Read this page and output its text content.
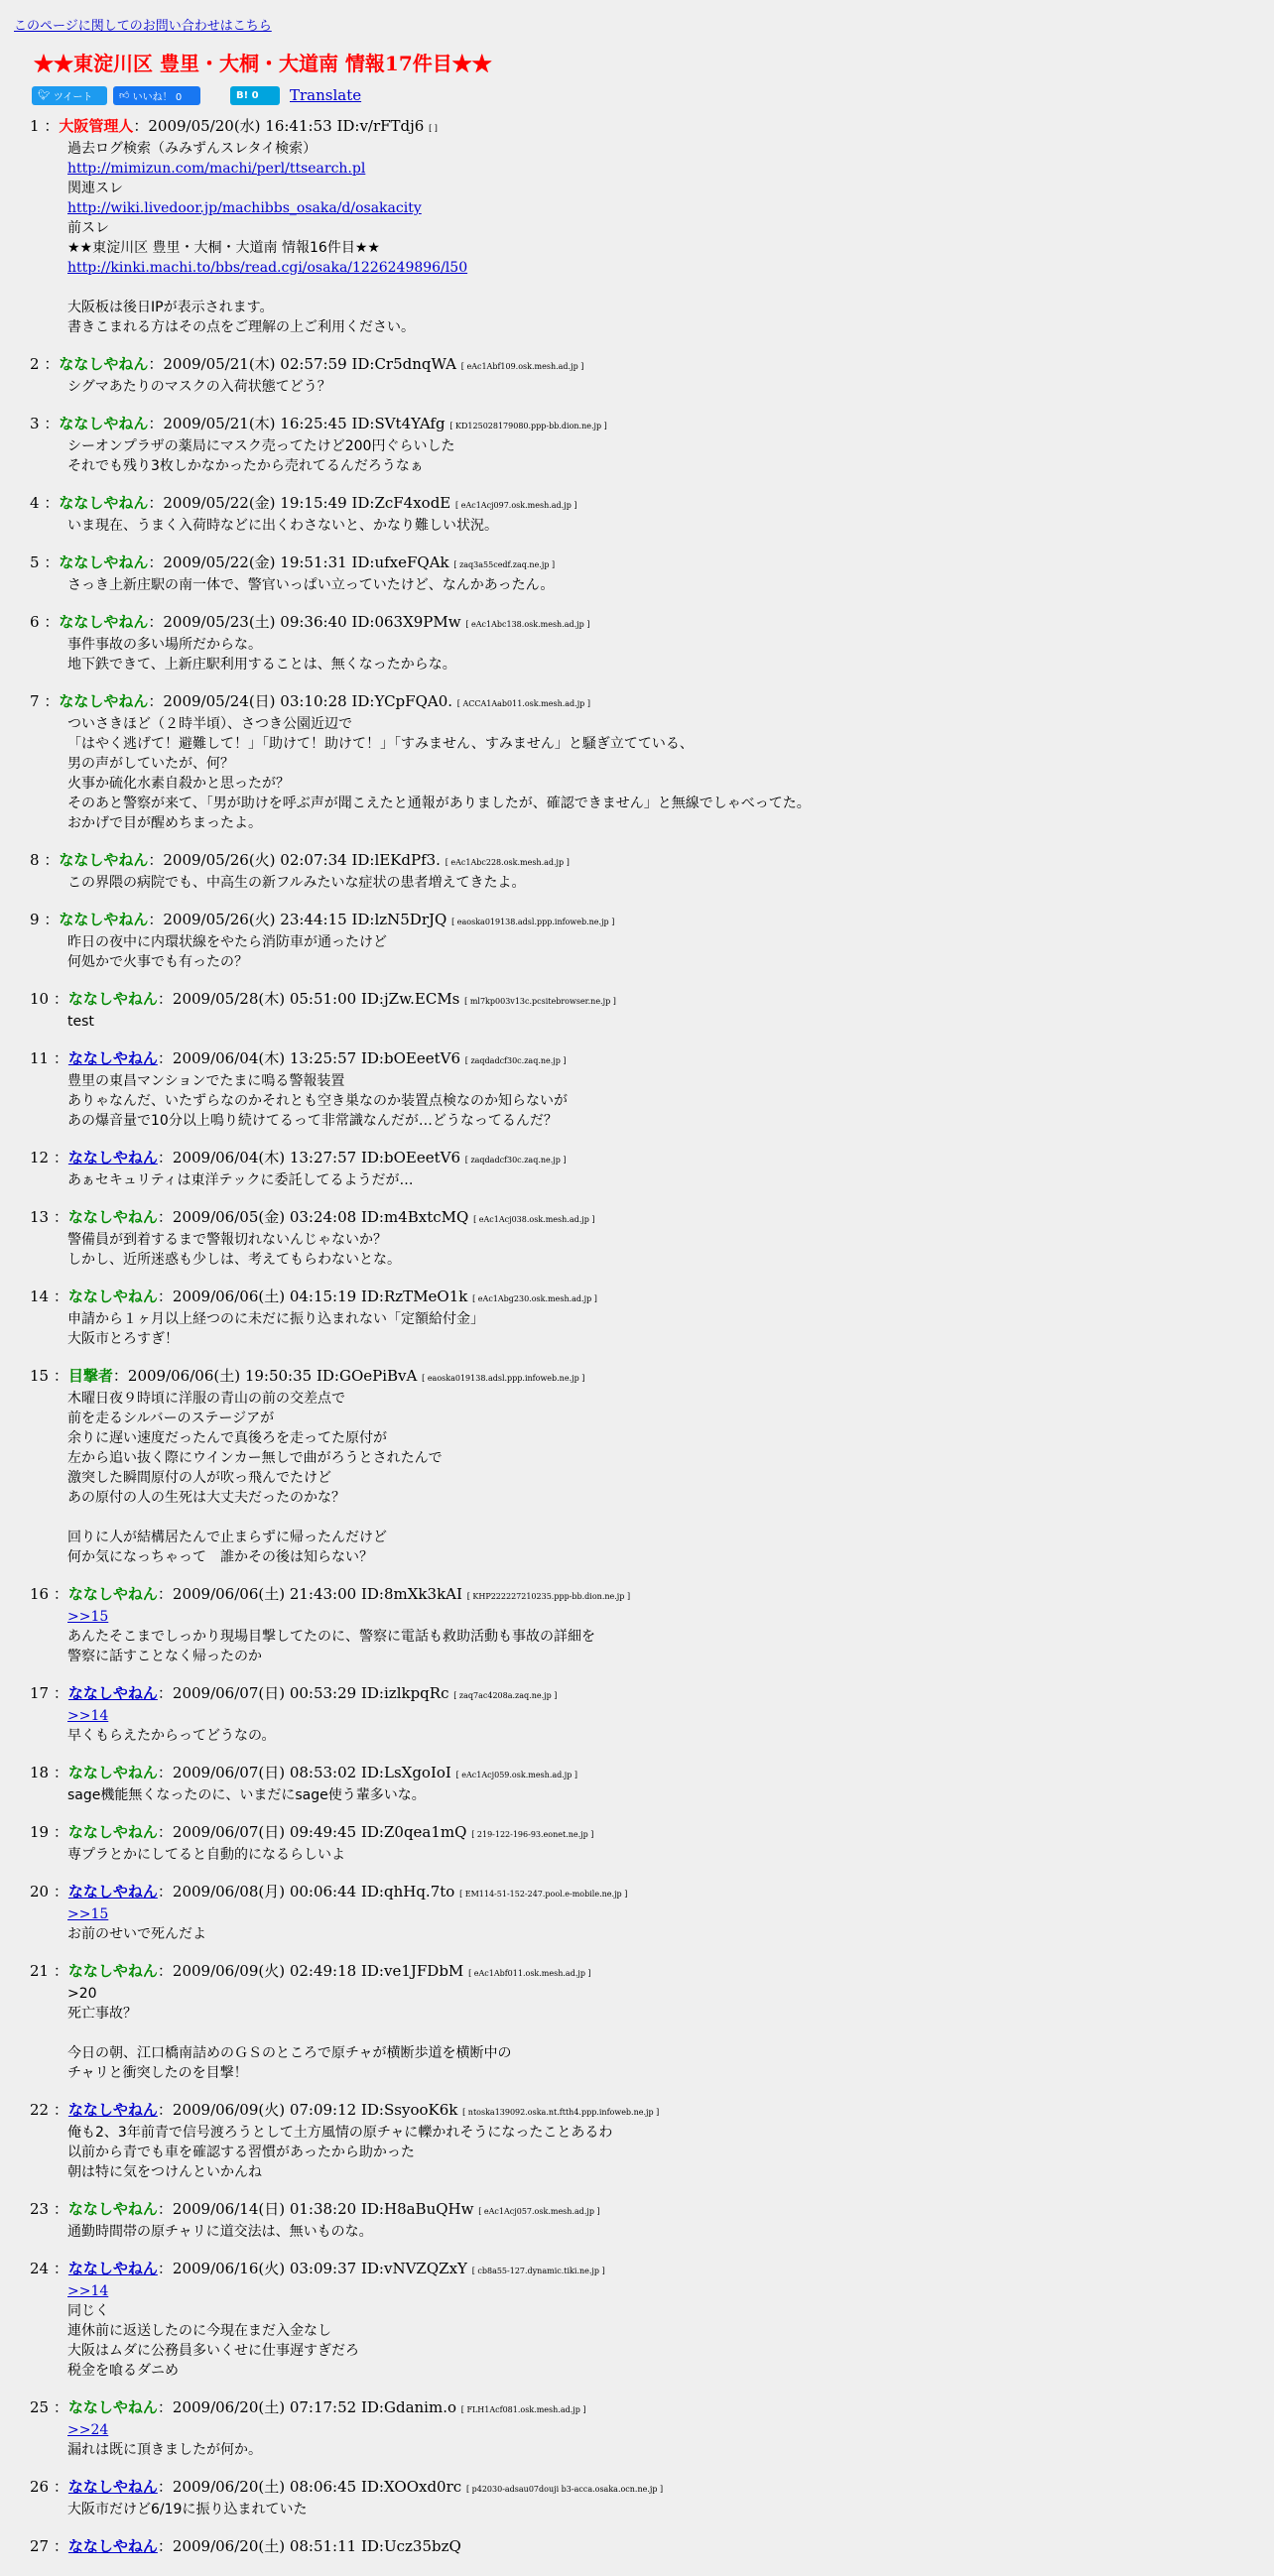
このページに関してのお問い合わせはこちら
★★東淀川区 豊里・大桐・大道南 情報17件目★★
🐦︎
ツイート	👍︎
いいね！ 0	B! 0 Translate
1 ：大阪管理人：2009/05/20(水) 16:41:53 ID:v/rFTdj6 [ ]
過去ログ検索（みみずんスレタイ検索）
http://mimizun.com/machi/perl/ttsearch.pl
関連スレ
http://wiki.livedoor.jp/machibbs_osaka/d/osakacity
前スレ
★★東淀川区 豊里・大桐・大道南 情報16件目★★
http://kinki.machi.to/bbs/read.cgi/osaka/1226249896/l50
大阪板は後日IPが表示されます。
書きこまれる方はその点をご理解の上ご利用ください。
2 ：ななしやねん：2009/05/21(木) 02:57:59 ID:Cr5dnqWA [ eAc1Abf109.osk.mesh.ad.jp ]
シグマあたりのマスクの入荷状態てどう？
3 ：ななしやねん：2009/05/21(木) 16:25:45 ID:SVt4YAfg [ KD125028179080.ppp-bb.dion.ne.jp ]
シーオンプラザの薬局にマスク売ってたけど200円ぐらいした
それでも残り3枚しかなかったから売れてるんだろうなぁ
4 ：ななしやねん：2009/05/22(金) 19:15:49 ID:ZcF4xodE [ eAc1Acj097.osk.mesh.ad.jp ]
いま現在、うまく入荷時などに出くわさないと、かなり難しい状況。
5 ：ななしやねん：2009/05/22(金) 19:51:31 ID:ufxeFQAk [ zaq3a55cedf.zaq.ne.jp ]
さっき上新庄駅の南一体で、警官いっぱい立っていたけど、なんかあったん。
6 ：ななしやねん：2009/05/23(土) 09:36:40 ID:063X9PMw [ eAc1Abc138.osk.mesh.ad.jp ]
事件事故の多い場所だからな。
地下鉄できて、上新庄駅利用することは、無くなったからな。
7 ：ななしやねん：2009/05/24(日) 03:10:28 ID:YCpFQA0. [ ACCA1Aab011.osk.mesh.ad.jp ]
ついさきほど（２時半頃）、さつき公園近辺で
「はやく逃げて！避難して！」「助けて！助けて！」「すみません、すみません」と騒ぎ立てている、
男の声がしていたが、何？
火事か硫化水素自殺かと思ったが？
そのあと警察が来て、「男が助けを呼ぶ声が聞こえたと通報がありましたが、確認できません」と無線でしゃべってた。
おかげで目が醒めちまったよ。
8 ：ななしやねん：2009/05/26(火) 02:07:34 ID:lEKdPf3. [ eAc1Abc228.osk.mesh.ad.jp ]
この界隈の病院でも、中高生の新フルみたいな症状の患者増えてきたよ。
9 ：ななしやねん：2009/05/26(火) 23:44:15 ID:lzN5DrJQ [ eaoska019138.adsl.ppp.infoweb.ne.jp ]
昨日の夜中に内環状線をやたら消防車が通ったけど
何処かで火事でも有ったの？
10 ：ななしやねん：2009/05/28(木) 05:51:00 ID:jZw.ECMs [ ml7kp003v13c.pcsitebrowser.ne.jp ]
test
11 ：ななしやねん：2009/06/04(木) 13:25:57 ID:bOEeetV6 [ zaqdadcf30c.zaq.ne.jp ]
豊里の東昌マンションでたまに鳴る警報装置
ありゃなんだ、いたずらなのかそれとも空き巣なのか装置点検なのか知らないが
あの爆音量で10分以上鳴り続けてるって非常識なんだが…どうなってるんだ？
12 ：ななしやねん：2009/06/04(木) 13:27:57 ID:bOEeetV6 [ zaqdadcf30c.zaq.ne.jp ]
あぁセキュリティは東洋テックに委託してるようだが…
13 ：ななしやねん：2009/06/05(金) 03:24:08 ID:m4BxtcMQ [ eAc1Acj038.osk.mesh.ad.jp ]
警備員が到着するまで警報切れないんじゃないか？
しかし、近所迷惑も少しは、考えてもらわないとな。
14 ：ななしやねん：2009/06/06(土) 04:15:19 ID:RzTMeO1k [ eAc1Abg230.osk.mesh.ad.jp ]
申請から１ヶ月以上経つのに未だに振り込まれない「定額給付金」
大阪市とろすぎ！
15 ：目撃者：2009/06/06(土) 19:50:35 ID:GOePiBvA [ eaoska019138.adsl.ppp.infoweb.ne.jp ]
木曜日夜９時頃に洋服の青山の前の交差点で
前を走るシルバーのステージアが
余りに遅い速度だったんで真後ろを走ってた原付が
左から追い抜く際にウインカー無しで曲がろうとされたんで
激突した瞬間原付の人が吹っ飛んでたけど
あの原付の人の生死は大丈夫だったのかな？
回りに人が結構居たんで止まらずに帰ったんだけど
何か気になっちゃって　誰かその後は知らない？
16 ：ななしやねん：2009/06/06(土) 21:43:00 ID:8mXk3kAI [ KHP222227210235.ppp-bb.dion.ne.jp ]
>>15
あんたそこまでしっかり現場目撃してたのに、警察に電話も救助活動も事故の詳細を
警察に話すことなく帰ったのか
17 ：ななしやねん：2009/06/07(日) 00:53:29 ID:izlkpqRc [ zaq7ac4208a.zaq.ne.jp ]
>>14
早くもらえたからってどうなの。
18 ：ななしやねん：2009/06/07(日) 08:53:02 ID:LsXgoIoI [ eAc1Acj059.osk.mesh.ad.jp ]
sage機能無くなったのに、いまだにsage使う輩多いな。
19 ：ななしやねん：2009/06/07(日) 09:49:45 ID:Z0qea1mQ [ 219-122-196-93.eonet.ne.jp ]
専プラとかにしてると自動的になるらしいよ
20 ：ななしやねん：2009/06/08(月) 00:06:44 ID:qhHq.7to [ EM114-51-152-247.pool.e-mobile.ne.jp ]
>>15
お前のせいで死んだよ
21 ：ななしやねん：2009/06/09(火) 02:49:18 ID:ve1JFDbM [ eAc1Abf011.osk.mesh.ad.jp ]
>20
死亡事故？
今日の朝、江口橋南詰めのＧＳのところで原チャが横断歩道を横断中の
チャリと衝突したのを目撃！
22 ：ななしやねん：2009/06/09(火) 07:09:12 ID:SsyooK6k [ ntoska139092.oska.nt.ftth4.ppp.infoweb.ne.jp ]
俺も2、3年前青で信号渡ろうとして土方風情の原チャに轢かれそうになったことあるわ
以前から青でも車を確認する習慣があったから助かった
朝は特に気をつけんといかんね
23 ：ななしやねん：2009/06/14(日) 01:38:20 ID:H8aBuQHw [ eAc1Acj057.osk.mesh.ad.jp ]
通勤時間帯の原チャリに道交法は、無いものな。
24 ：ななしやねん：2009/06/16(火) 03:09:37 ID:vNVZQZxY [ cb8a55-127.dynamic.tiki.ne.jp ]
>>14
同じく
連休前に返送したのに今現在まだ入金なし
大阪はムダに公務員多いくせに仕事遅すぎだろ
税金を喰るダニめ
25 ：ななしやねん：2009/06/20(土) 07:17:52 ID:Gdanim.o [ FLH1Acf081.osk.mesh.ad.jp ]
>>24
漏れは既に頂きましたが何か。
26 ：ななしやねん：2009/06/20(土) 08:06:45 ID:XOOxd0rc [ p42030-adsau07douji b3-acca.osaka.ocn.ne.jp ]
大阪市だけど6/19に振り込まれていた
27 ：ななしやねん：2009/06/20(土) 08:51:11 ID:Ucz35bzQ
